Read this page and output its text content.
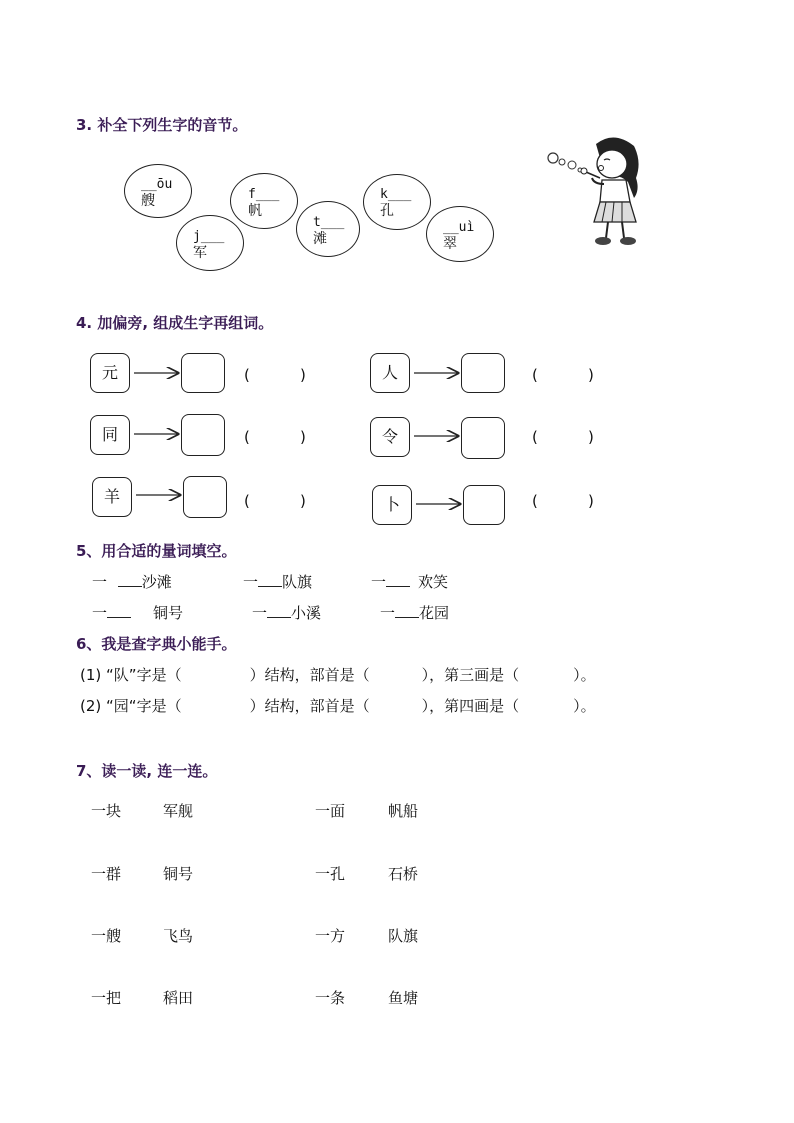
3. 补全下列生字的音节。
__ōu
艘
j___
军
f___
帆
t___
滩
k___
孔
__uì
翠
4. 加偏旁, 组成生字再组词。
元	(	)	人	(	)
同	(	)	令	(	)
羊	(	)	卜	(	)
5、用合适的量词填空。
一 沙滩	一 队旗	一 欢笑
一	铜号	一 小溪	一 花园
6、我是查字典小能手。
(1) “队”字是（	）结构，部首是（	），第三画是（	）。
(2) “园“字是（	）结构，部首是（	），第四画是（	）。
7、读一读, 连一连。
一块	军舰	一面	帆船
一群	铜号	一孔	石桥
一艘	飞鸟	一方	队旗
一把	稻田	一条	鱼塘
